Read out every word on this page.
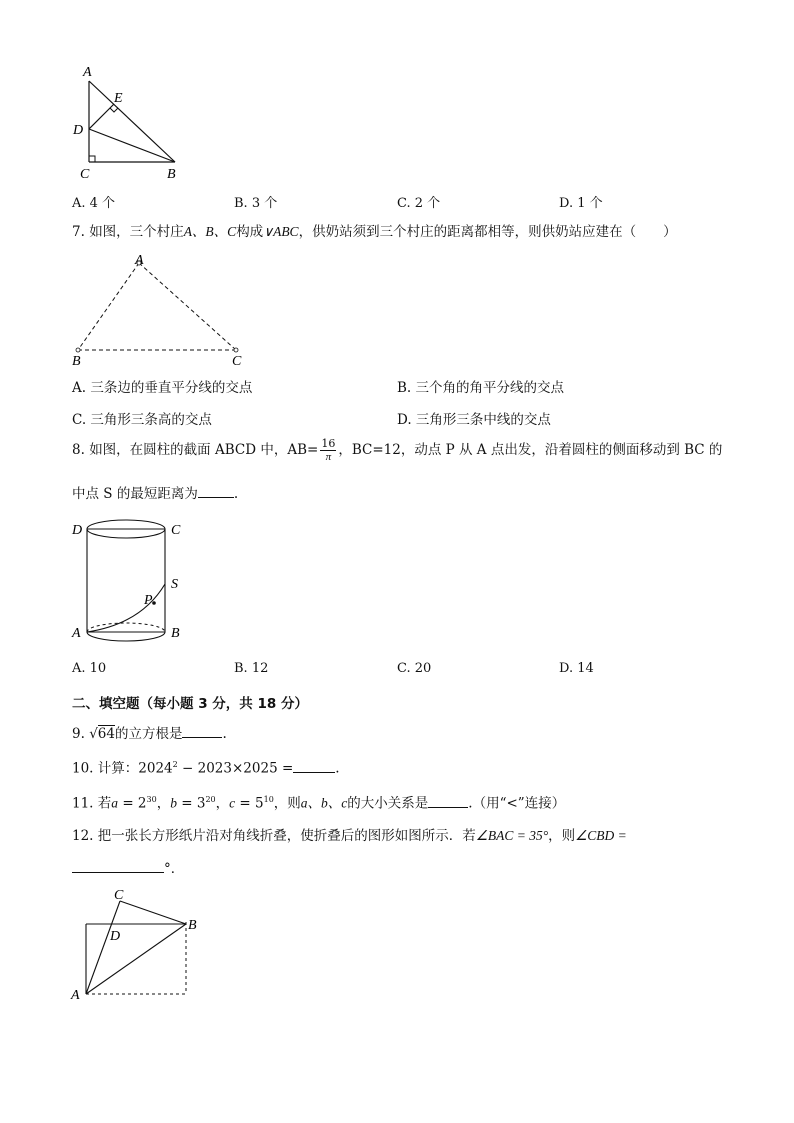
A
E
D
C	B
A. 4 个	B. 3 个	C. 2 个	D. 1 个
7. 如图，三个村庄A、B、C构成∨ABC，供奶站须到三个村庄的距离都相等，则供奶站应建在（　　）
A
B	C
A. 三条边的垂直平分线的交点	B. 三个角的角平分线的交点
C. 三角形三条高的交点	D. 三角形三条中线的交点
8. 如图，在圆柱的截面 ABCD 中，$AB= \frac{16}{\pi}$ ，BC=12，动点 P 从 A 点出发，沿着圆柱的侧面移动到 BC 的
中点 S 的最短距离为	.
D	C
S
P
A	B
A. 10	B. 12	C. 20	D. 14
二、填空题（每小题 3 分，共 18 分）
9. √64的立方根是	.
10. 计算：$2024^2 - 2023\times 2025$ =	.
11. 若$a = 2^{30}$，$b = 3^{20}$，$c = 5^{10}$，则a、b、c的大小关系是	.（用“<”连接）
12. 把一张长方形纸片沿对角线折叠，使折叠后的图形如图所示．若∠BAC = 35°，则∠CBD =
°．
C
D
B
A
